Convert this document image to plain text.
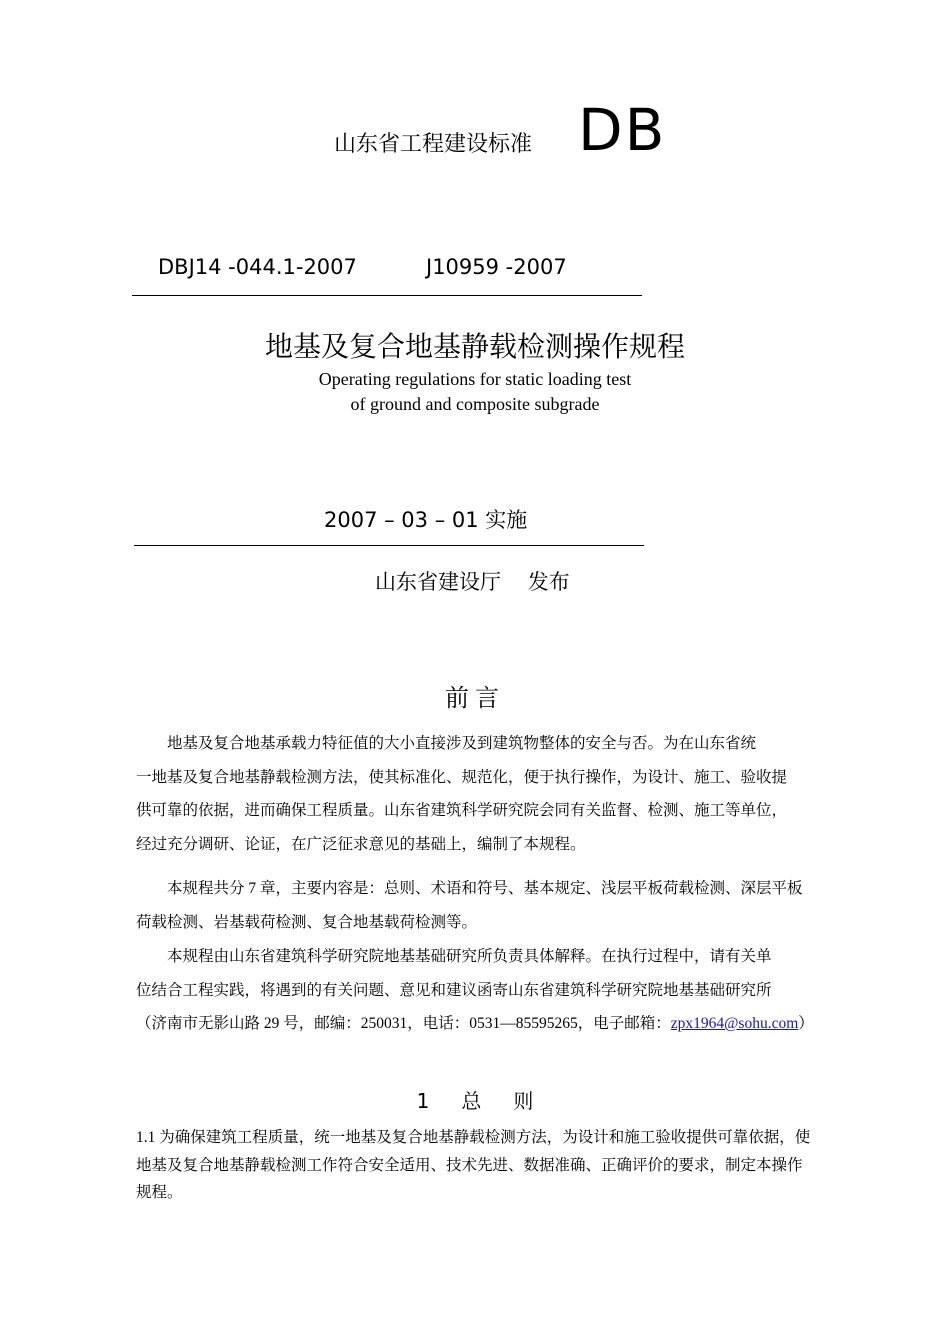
山东省工程建设标准 DB
DBJ14 -044.1-2007	J10959 -2007
地基及复合地基静载检测操作规程
Operating regulations for static loading test
of ground and composite subgrade
2007 – 03 – 01 实施
山东省建设厅    发布
前言

地基及复合地基承载力特征值的大小直接涉及到建筑物整体的安全与否。为在山东省统
一地基及复合地基静载检测方法，使其标准化、规范化，便于执行操作，为设计、施工、验收提
供可靠的依据，进而确保工程质量。山东省建筑科学研究院会同有关监督、检测、施工等单位，
经过充分调研、论证，在广泛征求意见的基础上，编制了本规程。

本规程共分 7 章，主要内容是：总则、术语和符号、基本规定、浅层平板荷载检测、深层平板
荷载检测、岩基载荷检测、复合地基载荷检测等。

本规程由山东省建筑科学研究院地基基础研究所负责具体解释。在执行过程中，请有关单
位结合工程实践，将遇到的有关问题、意见和建议函寄山东省建筑科学研究院地基基础研究所
（济南市无影山路 29 号，邮编：250031，电话：0531—85595265，电子邮箱：zpx1964@sohu.com）

1 总 则

1.1 为确保建筑工程质量，统一地基及复合地基静载检测方法，为设计和施工验收提供可靠依据，使地基及复合地基静载检测工作符合安全适用、技术先进、数据准确、正确评价的要求，制定本操作规程。
